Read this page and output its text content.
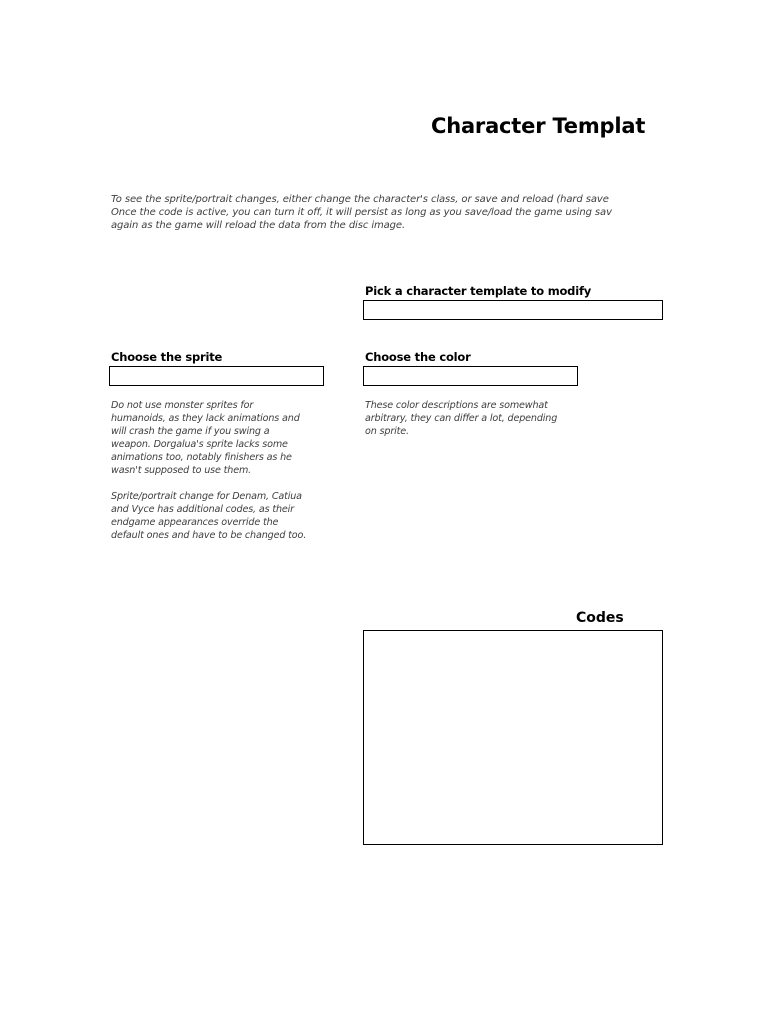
Character Templat
To see the sprite/portrait changes, either change the character's class, or save and reload (hard save
Once the code is active, you can turn it off, it will persist as long as you save/load the game using sav
again as the game will reload the data from the disc image.
Pick a character template to modify
Choose the sprite	Choose the color
Do not use monster sprites for
humanoids, as they lack animations and
will crash the game if you swing a
weapon. Dorgalua's sprite lacks some
animations too, notably finishers as he
wasn't supposed to use them.
Sprite/portrait change for Denam, Catiua
and Vyce has additional codes, as their
endgame appearances override the
default ones and have to be changed too.
These color descriptions are somewhat
arbitrary, they can differ a lot, depending
on sprite.
Codes
